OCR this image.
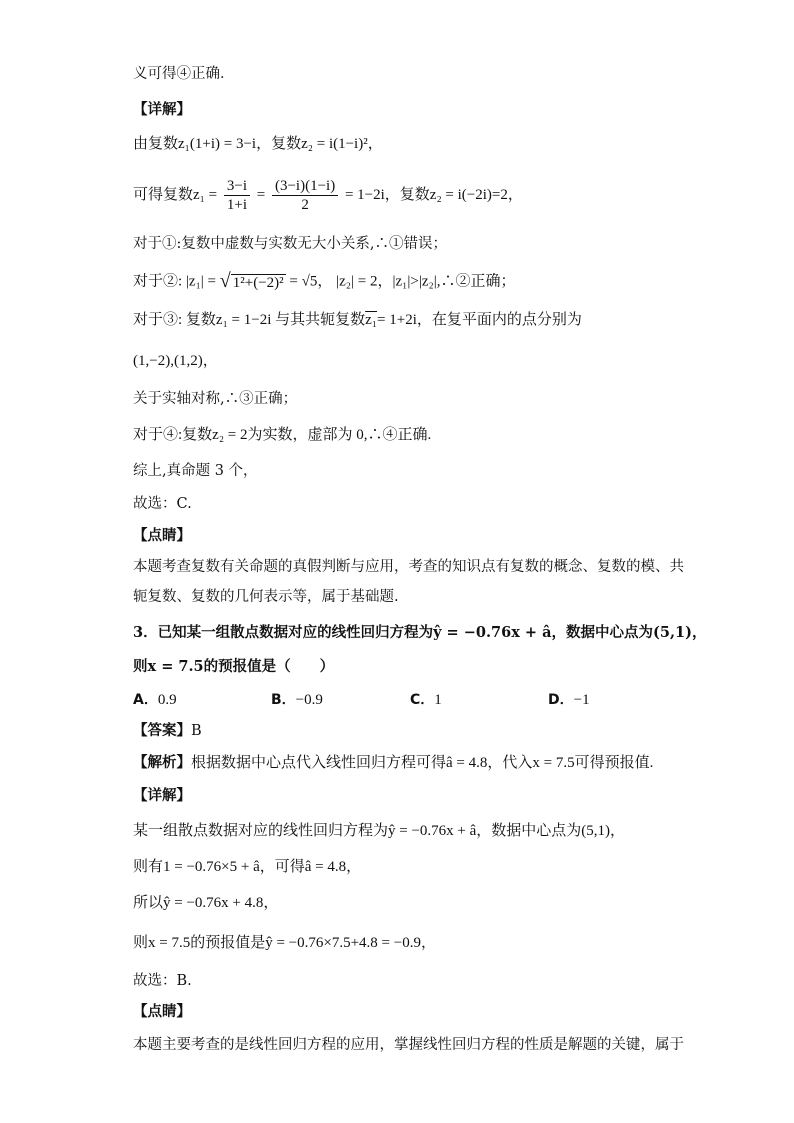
义可得④正确．
【详解】
由复数z₁(1+i) = 3−i，复数z₂ = i(1−i)²，
可得复数$z_1 = \frac{3-i}{1+i} = \frac{(3-i)(1-i)}{2} = 1-2i$，复数z₂ = i(−2i)=2，
对于①:复数中虚数与实数无大小关系,∴①错误；
对于②: |z₁| = √ 1²+(−2)² = √5， |z₂| = 2，|z₁|>|z₂|,∴②正确；
对于③: 复数z₁ = 1−2i 与其共轭复数z₁= 1+2i，在复平面内的点分别为
(1,−2),(1,2)，
关于实轴对称,∴③正确；
对于④:复数z₂ = 2为实数，虚部为 0,∴④正确.
综上,真命题 3 个，
故选：C.
【点睛】
本题考查复数有关命题的真假判断与应用，考查的知识点有复数的概念、复数的模、共
轭复数、复数的几何表示等，属于基础题.
3．已知某一组散点数据对应的线性回归方程为ŷ = −0.76x + â，数据中心点为(5,1)，
则x = 7.5的预报值是（　　）
A．0.9	B．−0.9	C．1	D．−1
【答案】B
【解析】根据数据中心点代入线性回归方程可得â = 4.8，代入x = 7.5可得预报值.
【详解】
某一组散点数据对应的线性回归方程为ŷ = −0.76x + â，数据中心点为(5,1)，
则有1 = −0.76×5 + â，可得â = 4.8，
所以ŷ = −0.76x + 4.8，
则x = 7.5的预报值是ŷ = −0.76×7.5+4.8 = −0.9，
故选：B.
【点睛】
本题主要考查的是线性回归方程的应用，掌握线性回归方程的性质是解题的关键，属于
